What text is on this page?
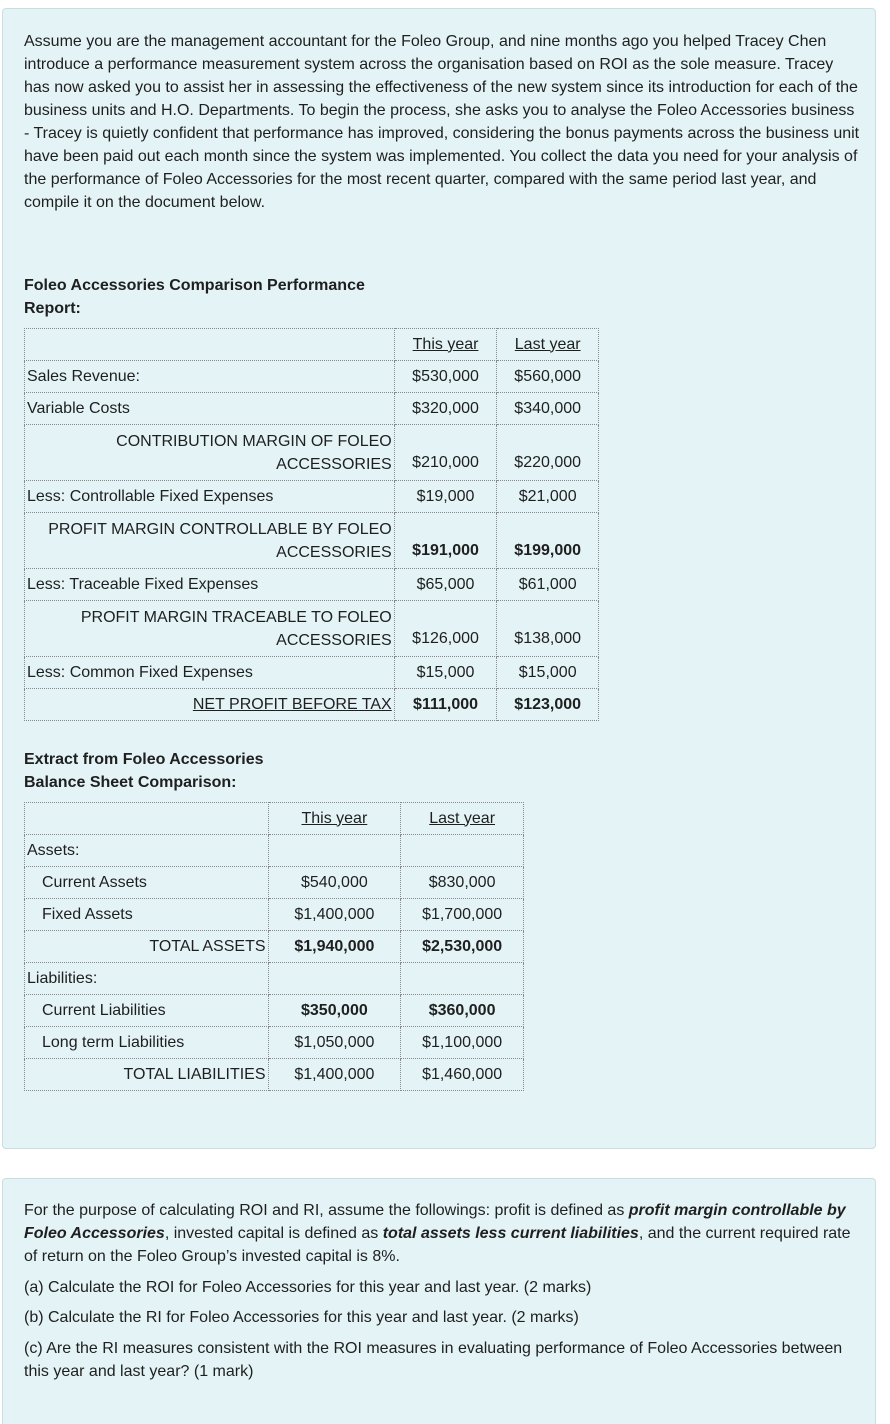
Assume you are the management accountant for the Foleo Group, and nine months ago you helped Tracey Chen introduce a performance measurement system across the organisation based on ROI as the sole measure. Tracey has now asked you to assist her in assessing the effectiveness of the new system since its introduction for each of the business units and H.O. Departments. To begin the process, she asks you to analyse the Foleo Accessories business - Tracey is quietly confident that performance has improved, considering the bonus payments across the business unit have been paid out each month since the system was implemented. You collect the data you need for your analysis of the performance of Foleo Accessories for the most recent quarter, compared with the same period last year, and compile it on the document below.

Foleo Accessories Comparison Performance
Report:

	This year	Last year
Sales Revenue:	$530,000	$560,000
Variable Costs	$320,000	$340,000
CONTRIBUTION MARGIN OF FOLEO
ACCESSORIES	$210,000	$220,000
Less: Controllable Fixed Expenses	$19,000	$21,000
PROFIT MARGIN CONTROLLABLE BY FOLEO
ACCESSORIES	$191,000	$199,000
Less: Traceable Fixed Expenses	$65,000	$61,000
PROFIT MARGIN TRACEABLE TO FOLEO
ACCESSORIES	$126,000	$138,000
Less: Common Fixed Expenses	$15,000	$15,000
NET PROFIT BEFORE TAX	$111,000	$123,000

Extract from Foleo Accessories
Balance Sheet Comparison:

	This year	Last year
Assets:		
Current Assets	$540,000	$830,000
Fixed Assets	$1,400,000	$1,700,000
TOTAL ASSETS	$1,940,000	$2,530,000
Liabilities:		
Current Liabilities	$350,000	$360,000
Long term Liabilities	$1,050,000	$1,100,000
TOTAL LIABILITIES	$1,400,000	$1,460,000

For the purpose of calculating ROI and RI, assume the followings: profit is defined as profit margin controllable by Foleo Accessories, invested capital is defined as total assets less current liabilities, and the current required rate of return on the Foleo Group’s invested capital is 8%.

(a) Calculate the ROI for Foleo Accessories for this year and last year. (2 marks)

(b) Calculate the RI for Foleo Accessories for this year and last year. (2 marks)

(c) Are the RI measures consistent with the ROI measures in evaluating performance of Foleo Accessories between this year and last year? (1 mark)
